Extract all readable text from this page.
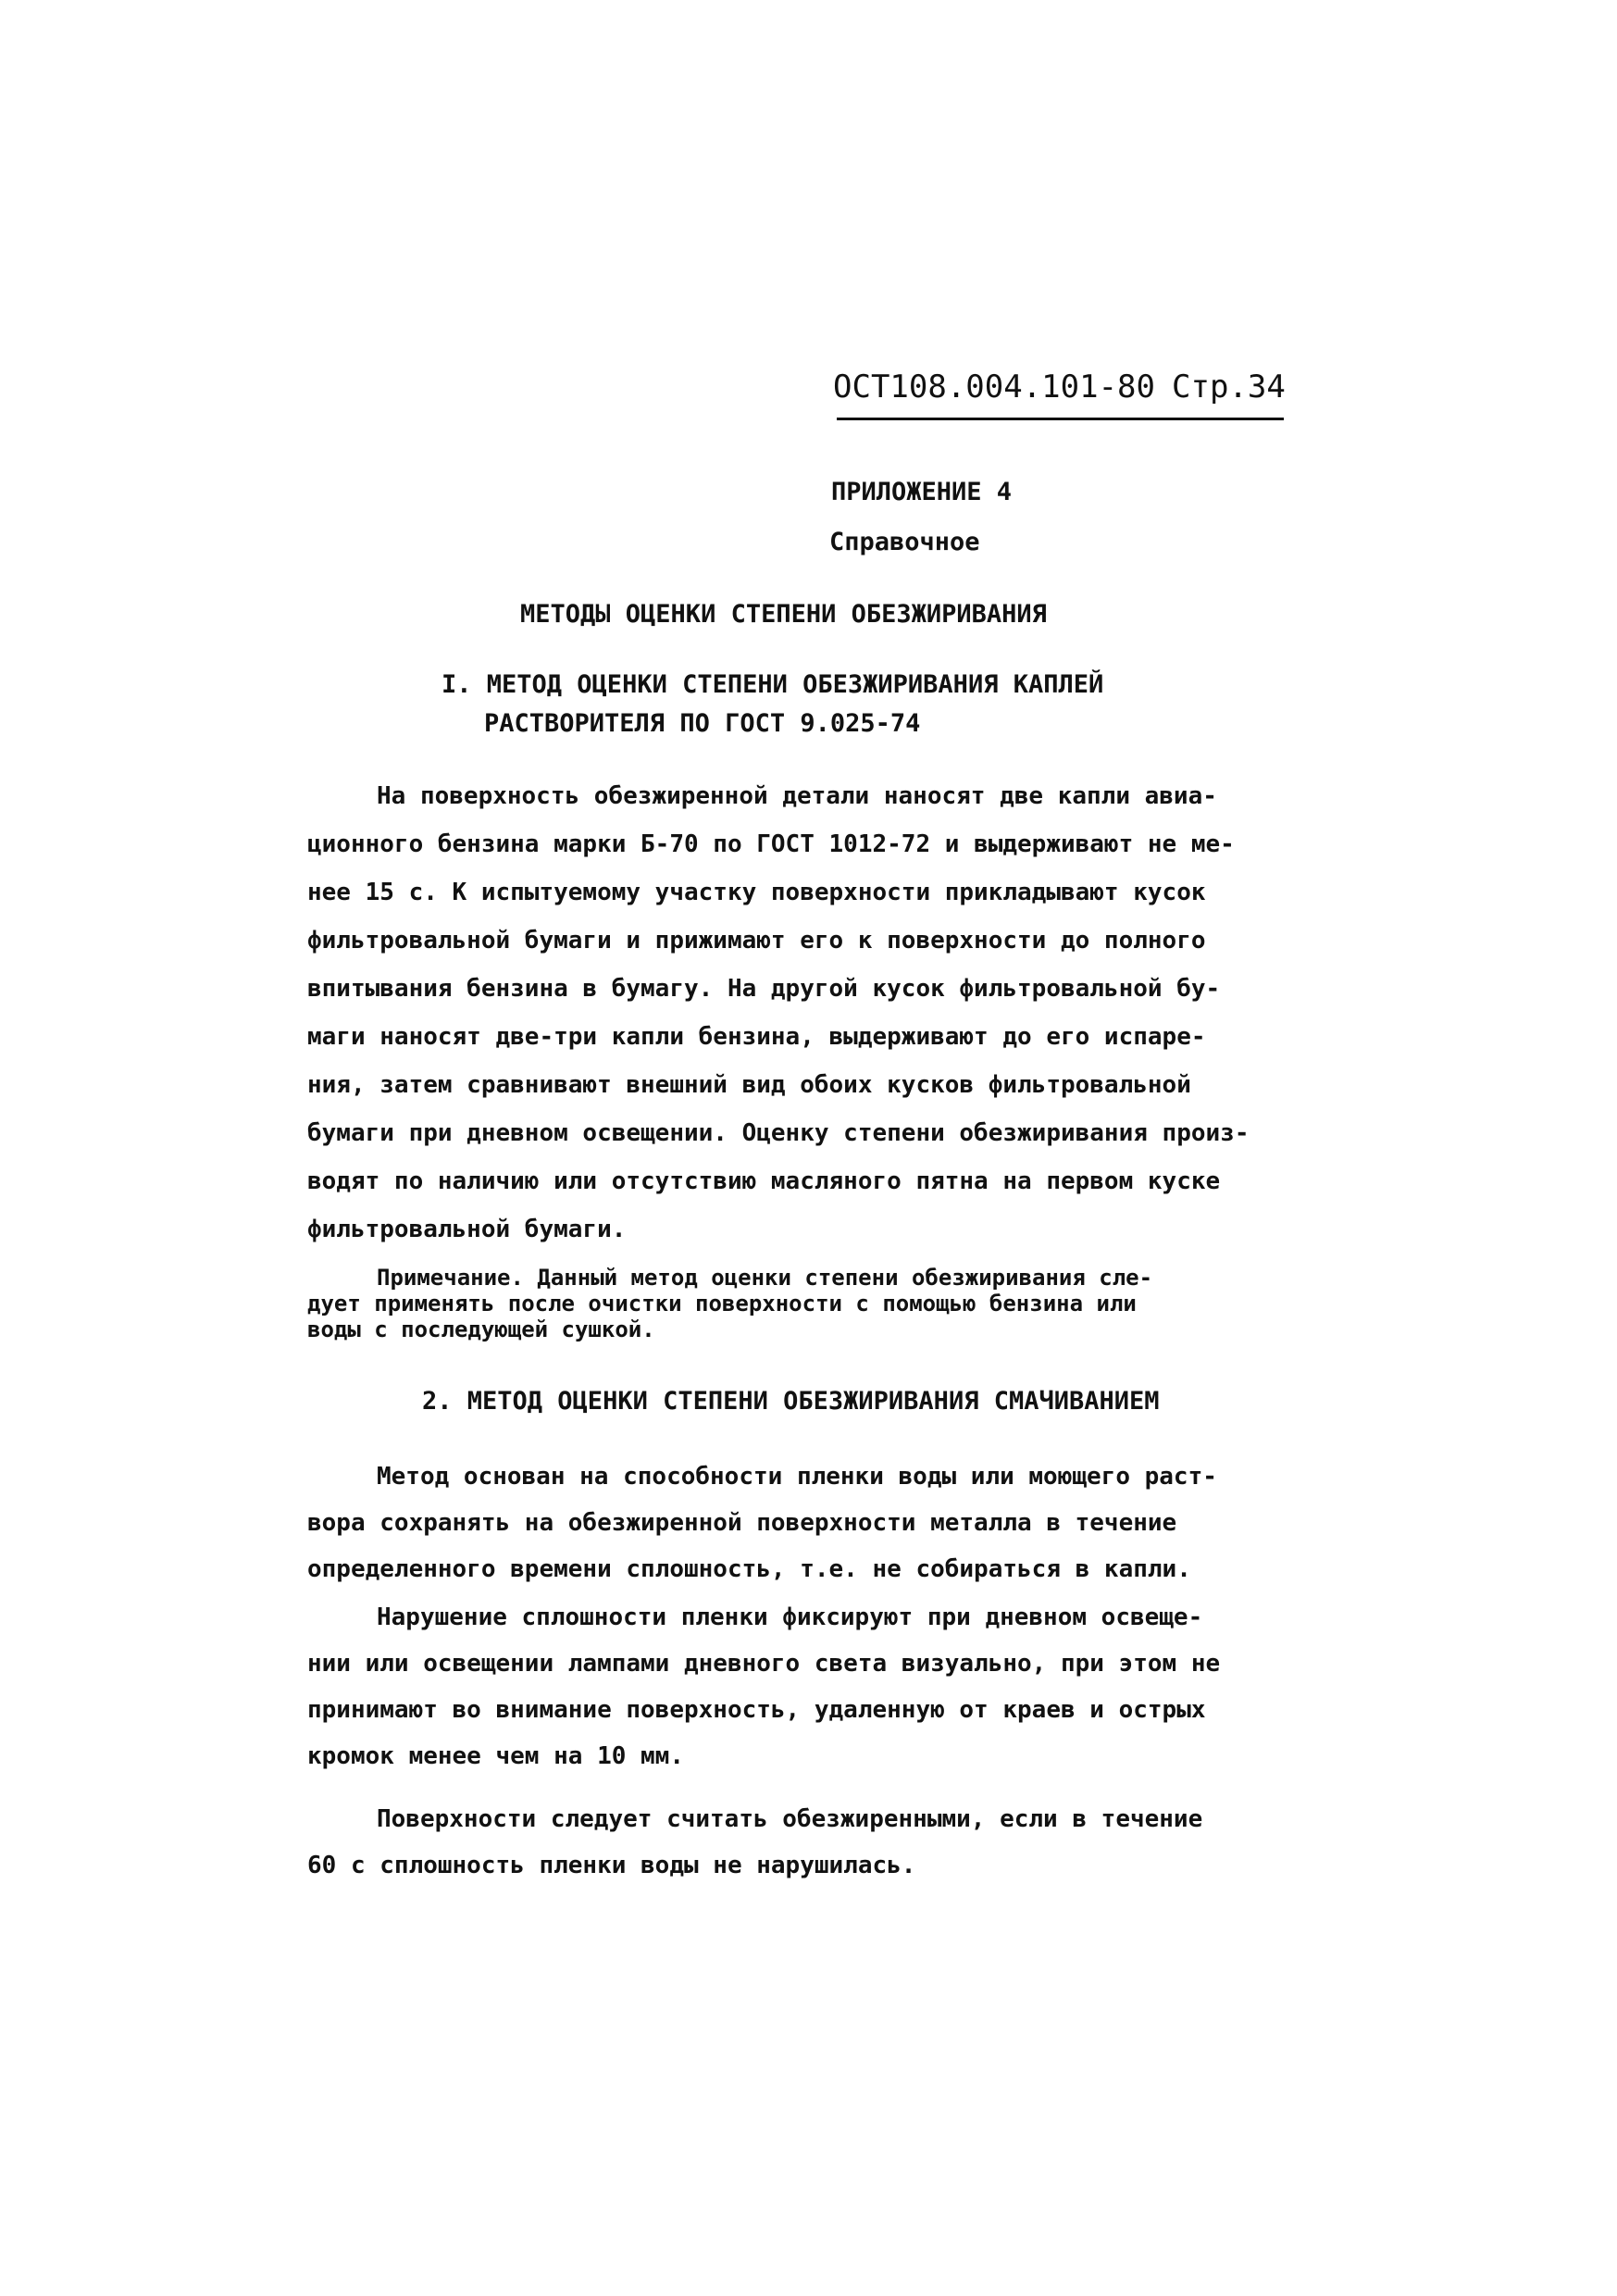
ОСТ108.004.101-80 Стр.34
ПРИЛОЖЕНИЕ 4
Справочное
МЕТОДЫ ОЦЕНКИ СТЕПЕНИ ОБЕЗЖИРИВАНИЯ
I. МЕТОД ОЦЕНКИ СТЕПЕНИ ОБЕЗЖИРИВАНИЯ КАПЛЕЙ
РАСТВОРИТЕЛЯ ПО ГОСТ 9.025-74
На поверхность обезжиренной детали наносят две капли авиа-
ционного бензина марки Б-70 по ГОСТ 1012-72 и выдерживают не ме-
нее 15 с. К испытуемому участку поверхности прикладывают кусок
фильтровальной бумаги и прижимают его к поверхности до полного
впитывания бензина в бумагу. На другой кусок фильтровальной бу-
маги наносят две-три капли бензина, выдерживают до его испаре-
ния, затем сравнивают внешний вид обоих кусков фильтровальной
бумаги при дневном освещении. Оценку степени обезжиривания произ-
водят по наличию или отсутствию масляного пятна на первом куске
фильтровальной бумаги.
Примечание. Данный метод оценки степени обезжиривания сле-
дует применять после очистки поверхности с помощью бензина или
воды с последующей сушкой.
2. МЕТОД ОЦЕНКИ СТЕПЕНИ ОБЕЗЖИРИВАНИЯ СМАЧИВАНИЕМ
Метод основан на способности пленки воды или моющего раст-
вора сохранять на обезжиренной поверхности металла в течение
определенного времени сплошность, т.е. не собираться в капли.
Нарушение сплошности пленки фиксируют при дневном освеще-
нии или освещении лампами дневного света визуально, при этом не
принимают во внимание поверхность, удаленную от краев и острых
кромок менее чем на 10 мм.
Поверхности следует считать обезжиренными, если в течение
60 с сплошность пленки воды не нарушилась.
